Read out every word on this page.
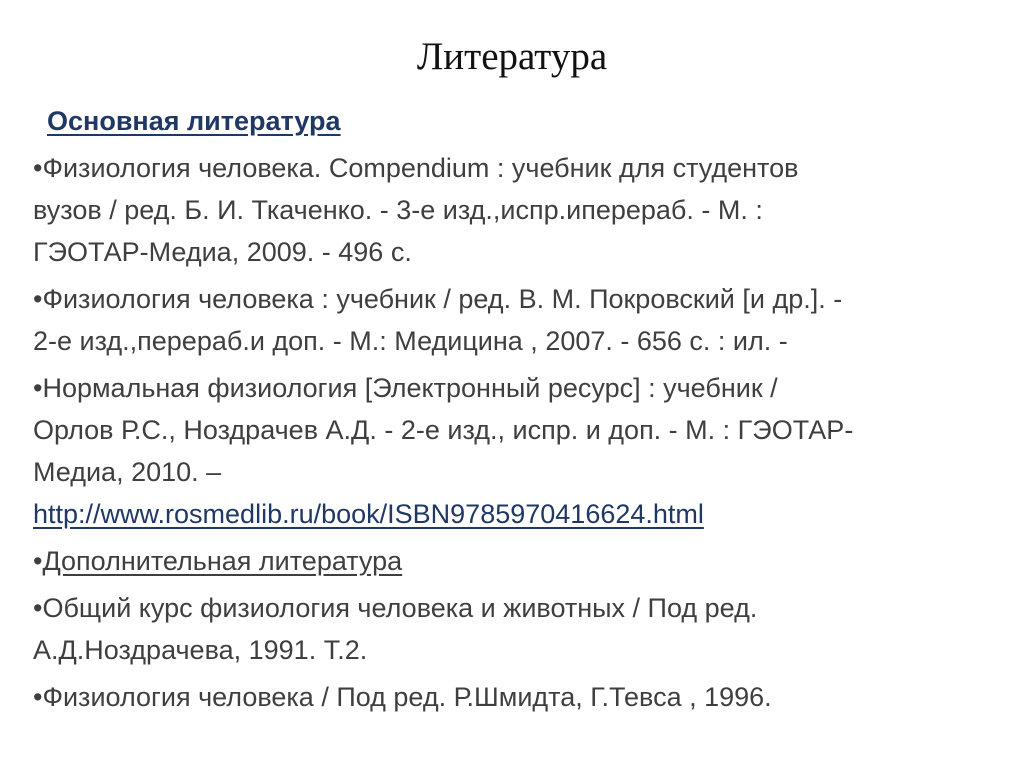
Литература
Основная литература
•Физиология человека. Compendium : учебник для студентов
вузов / ред. Б. И. Ткаченко. - 3-е изд.,испр.ипереpаб. - М. :
ГЭОТАР-Медиа, 2009. - 496 с.
•Физиология человека : учебник / ред. В. М. Покровский [и др.]. -
2-е изд.,перераб.и доп. - М.: Медицина , 2007. - 656 с. : ил. -
•Нормальная физиология [Электронный ресурс] : учебник /
Орлов Р.С., Ноздрачев А.Д. - 2-е изд., испр. и доп. - М. : ГЭОТАР-
Медиа, 2010. –
http://www.rosmedlib.ru/book/ISBN9785970416624.html
•Дополнительная литература
•Общий курс физиология человека и животных / Под ред.
А.Д.Ноздрачева, 1991. Т.2.
•Физиология человека / Под ред. Р.Шмидта, Г.Тевса , 1996.
